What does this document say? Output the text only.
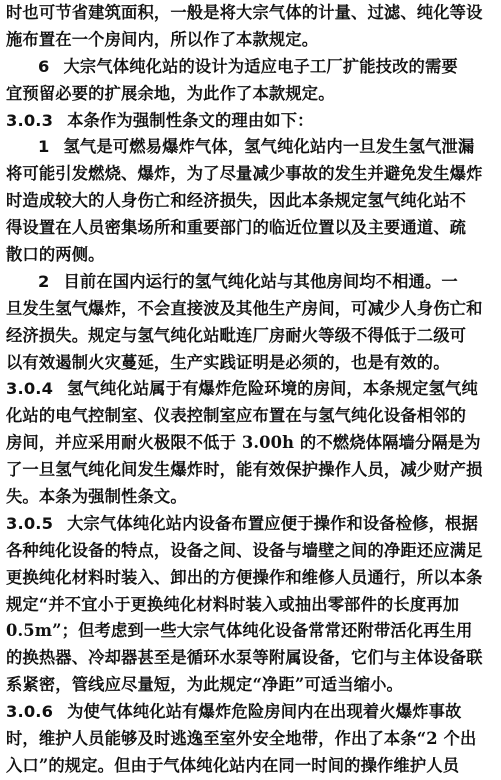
时也可节省建筑面积，一般是将大宗气体的计量、过滤、纯化等设
施布置在一个房间内，所以作了本款规定。
6 大宗气体纯化站的设计为适应电子工厂扩能技改的需要
宜预留必要的扩展余地，为此作了本款规定。
3.0.3 本条作为强制性条文的理由如下：
1 氢气是可燃易爆炸气体，氢气纯化站内一旦发生氢气泄漏
将可能引发燃烧、爆炸，为了尽量减少事故的发生并避免发生爆炸
时造成较大的人身伤亡和经济损失，因此本条规定氢气纯化站不
得设置在人员密集场所和重要部门的临近位置以及主要通道、疏
散口的两侧。
2 目前在国内运行的氢气纯化站与其他房间均不相通。一
旦发生氢气爆炸，不会直接波及其他生产房间，可减少人身伤亡和
经济损失。规定与氢气纯化站毗连厂房耐火等级不得低于二级可
以有效遏制火灾蔓延，生产实践证明是必须的，也是有效的。
3.0.4 氢气纯化站属于有爆炸危险环境的房间，本条规定氢气纯
化站的电气控制室、仪表控制室应布置在与氢气纯化设备相邻的
房间，并应采用耐火极限不低于 3.00h 的不燃烧体隔墙分隔是为
了一旦氢气纯化间发生爆炸时，能有效保护操作人员，减少财产损
失。本条为强制性条文。
3.0.5 大宗气体纯化站内设备布置应便于操作和设备检修，根据
各种纯化设备的特点，设备之间、设备与墙壁之间的净距还应满足
更换纯化材料时装入、卸出的方便操作和维修人员通行，所以本条
规定“并不宜小于更换纯化材料时装入或抽出零部件的长度再加
0.5m”；但考虑到一些大宗气体纯化设备常常还附带活化再生用
的换热器、冷却器甚至是循环水泵等附属设备，它们与主体设备联
系紧密，管线应尽量短，为此规定“净距”可适当缩小。
3.0.6 为使气体纯化站有爆炸危险房间内在出现着火爆炸事故
时，维护人员能够及时逃逸至室外安全地带，作出了本条“2 个出
入口”的规定。但由于气体纯化站内在同一时间的操作维护人员
